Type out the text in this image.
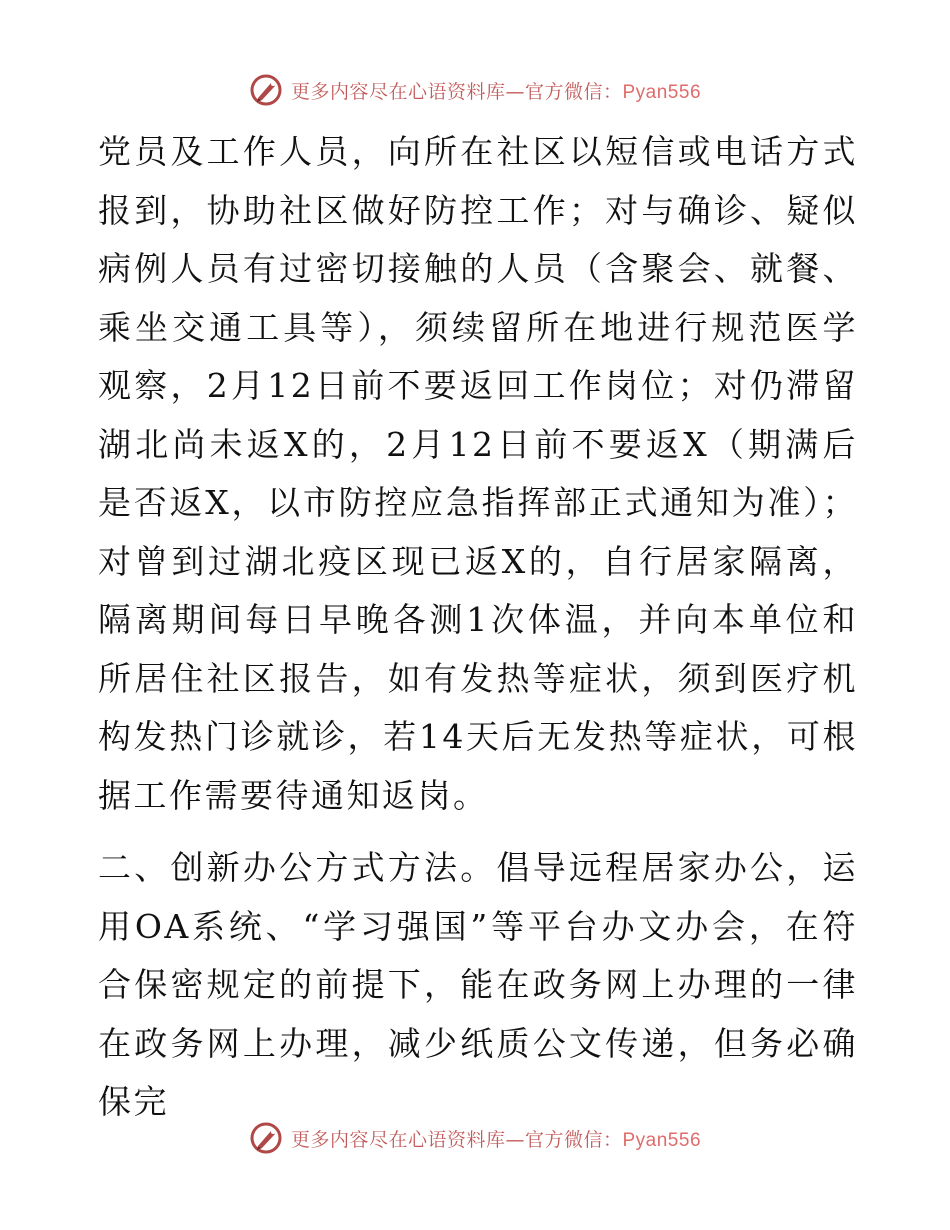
更多内容尽在心语资料库—官方微信：Pyan556

党员及工作人员，向所在社区以短信或电话方式报到，协助社区做好防控工作；对与确诊、疑似病例人员有过密切接触的人员（含聚会、就餐、乘坐交通工具等），须续留所在地进行规范医学观察，2月12日前不要返回工作岗位；对仍滞留湖北尚未返X的，2月12日前不要返X（期满后是否返X，以市防控应急指挥部正式通知为准）；对曾到过湖北疫区现已返X的，自行居家隔离，隔离期间每日早晚各测1次体温，并向本单位和所居住社区报告，如有发热等症状，须到医疗机构发热门诊就诊，若14天后无发热等症状，可根据工作需要待通知返岗。

二、创新办公方式方法。倡导远程居家办公，运用OA系统、“学习强国”等平台办文办会，在符合保密规定的前提下，能在政务网上办理的一律在政务网上办理，减少纸质公文传递，但务必确保完

更多内容尽在心语资料库—官方微信：Pyan556
